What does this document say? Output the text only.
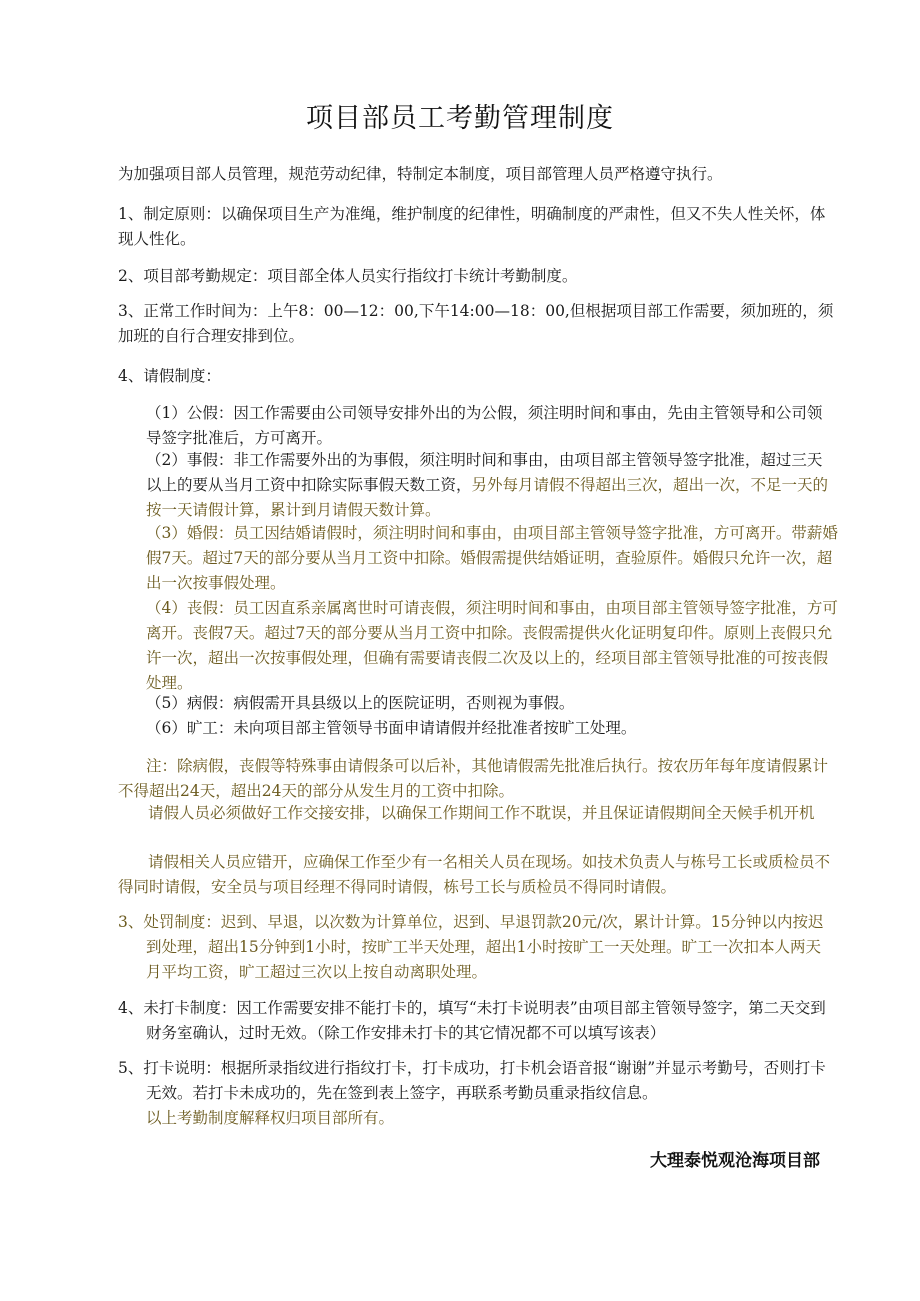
项目部员工考勤管理制度
为加强项目部人员管理，规范劳动纪律，特制定本制度，项目部管理人员严格遵守执行。
1、制定原则：以确保项目生产为准绳，维护制度的纪律性，明确制度的严肃性，但又不失人性关怀，体现人性化。
2、项目部考勤规定：项目部全体人员实行指纹打卡统计考勤制度。
3、正常工作时间为：上午8：00—12：00,下午14:00—18：00,但根据项目部工作需要，须加班的，须加班的自行合理安排到位。
4、请假制度：
（1）公假：因工作需要由公司领导安排外出的为公假，须注明时间和事由，先由主管领导和公司领导签字批准后，方可离开。
（2）事假：非工作需要外出的为事假，须注明时间和事由，由项目部主管领导签字批准，超过三天以上的要从当月工资中扣除实际事假天数工资，另外每月请假不得超出三次，超出一次，不足一天的按一天请假计算，累计到月请假天数计算。
（3）婚假：员工因结婚请假时，须注明时间和事由，由项目部主管领导签字批准，方可离开。带薪婚假7天。超过7天的部分要从当月工资中扣除。婚假需提供结婚证明，查验原件。婚假只允许一次，超出一次按事假处理。
（4）丧假：员工因直系亲属离世时可请丧假，须注明时间和事由，由项目部主管领导签字批准，方可离开。丧假7天。超过7天的部分要从当月工资中扣除。丧假需提供火化证明复印件。原则上丧假只允许一次，超出一次按事假处理，但确有需要请丧假二次及以上的，经项目部主管领导批准的可按丧假处理。
（5）病假：病假需开具县级以上的医院证明，否则视为事假。
（6）旷工：未向项目部主管领导书面申请请假并经批准者按旷工处理。
注：除病假，丧假等特殊事由请假条可以后补，其他请假需先批准后执行。按农历年每年度请假累计不得超出24天，超出24天的部分从发生月的工资中扣除。
请假人员必须做好工作交接安排，以确保工作期间工作不耽误，并且保证请假期间全天候手机开机
请假相关人员应错开，应确保工作至少有一名相关人员在现场。如技术负责人与栋号工长或质检员不得同时请假，安全员与项目经理不得同时请假，栋号工长与质检员不得同时请假。
3、处罚制度：迟到、早退，以次数为计算单位，迟到、早退罚款20元/次，累计计算。15分钟以内按迟到处理，超出15分钟到1小时，按旷工半天处理，超出1小时按旷工一天处理。旷工一次扣本人两天月平均工资，旷工超过三次以上按自动离职处理。
4、未打卡制度：因工作需要安排不能打卡的，填写“未打卡说明表”由项目部主管领导签字，第二天交到财务室确认，过时无效。（除工作安排未打卡的其它情况都不可以填写该表）
5、打卡说明：根据所录指纹进行指纹打卡，打卡成功，打卡机会语音报“谢谢”并显示考勤号，否则打卡无效。若打卡未成功的，先在签到表上签字，再联系考勤员重录指纹信息。
以上考勤制度解释权归项目部所有。
大理泰悦观沧海项目部
